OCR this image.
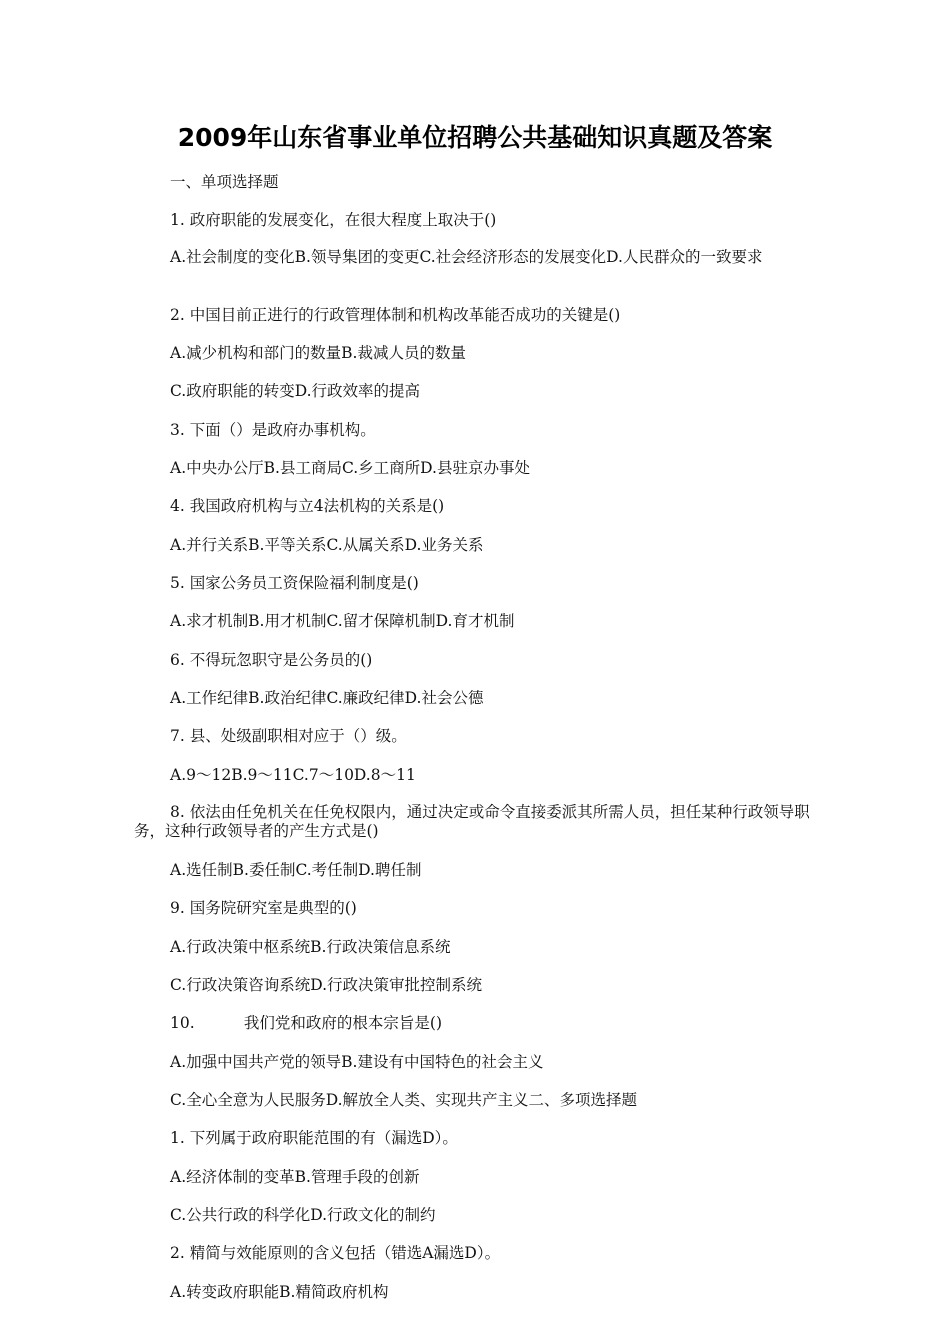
2009年山东省事业单位招聘公共基础知识真题及答案
一、单项选择题
1. 政府职能的发展变化，在很大程度上取决于()
A.社会制度的变化B.领导集团的变更C.社会经济形态的发展变化D.人民群众的一致要求
2. 中国目前正进行的行政管理体制和机构改革能否成功的关键是()
A.减少机构和部门的数量B.裁减人员的数量
C.政府职能的转变D.行政效率的提高
3. 下面（）是政府办事机构。
A.中央办公厅B.县工商局C.乡工商所D.县驻京办事处
4. 我国政府机构与立4法机构的关系是()
A.并行关系B.平等关系C.从属关系D.业务关系
5. 国家公务员工资保险福利制度是()
A.求才机制B.用才机制C.留才保障机制D.育才机制
6. 不得玩忽职守是公务员的()
A.工作纪律B.政治纪律C.廉政纪律D.社会公德
7. 县、处级副职相对应于（）级。
A.9～12B.9～11C.7～10D.8～11
8. 依法由任免机关在任免权限内，通过决定或命令直接委派其所需人员，担任某种行政领导职务，这种行政领导者的产生方式是()
A.选任制B.委任制C.考任制D.聘任制
9. 国务院研究室是典型的()
A.行政决策中枢系统B.行政决策信息系统
C.行政决策咨询系统D.行政决策审批控制系统
10.          我们党和政府的根本宗旨是()
A.加强中国共产党的领导B.建设有中国特色的社会主义
C.全心全意为人民服务D.解放全人类、实现共产主义二、多项选择题
1. 下列属于政府职能范围的有（漏选D）。
A.经济体制的变革B.管理手段的创新
C.公共行政的科学化D.行政文化的制约
2. 精简与效能原则的含义包括（错选A漏选D）。
A.转变政府职能B.精简政府机构
